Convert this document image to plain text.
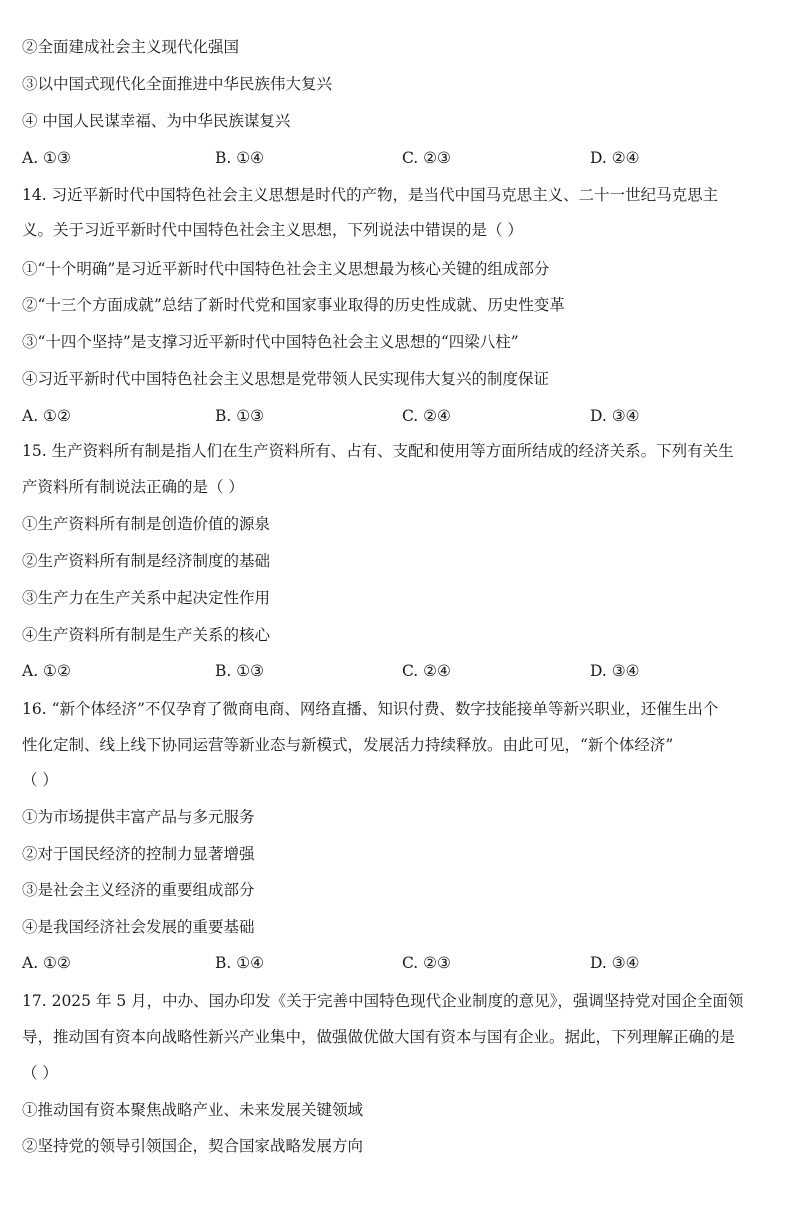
②全面建成社会主义现代化强国
③以中国式现代化全面推进中华民族伟大复兴
④ 中国人民谋幸福、为中华民族谋复兴
A. ①③	B. ①④	C. ②③	D. ②④
14. 习近平新时代中国特色社会主义思想是时代的产物，是当代中国马克思主义、二十一世纪马克思主
义。关于习近平新时代中国特色社会主义思想，下列说法中错误的是（ ）
①“十个明确”是习近平新时代中国特色社会主义思想最为核心关键的组成部分
②“十三个方面成就”总结了新时代党和国家事业取得的历史性成就、历史性变革
③“十四个坚持”是支撑习近平新时代中国特色社会主义思想的“四梁八柱”
④习近平新时代中国特色社会主义思想是党带领人民实现伟大复兴的制度保证
A. ①②	B. ①③	C. ②④	D. ③④
15. 生产资料所有制是指人们在生产资料所有、占有、支配和使用等方面所结成的经济关系。下列有关生
产资料所有制说法正确的是（ ）
①生产资料所有制是创造价值的源泉
②生产资料所有制是经济制度的基础
③生产力在生产关系中起决定性作用
④生产资料所有制是生产关系的核心
A. ①②	B. ①③	C. ②④	D. ③④
16. “新个体经济”不仅孕育了微商电商、网络直播、知识付费、数字技能接单等新兴职业，还催生出个
性化定制、线上线下协同运营等新业态与新模式，发展活力持续释放。由此可见，“新个体经济”
（ ）
①为市场提供丰富产品与多元服务
②对于国民经济的控制力显著增强
③是社会主义经济的重要组成部分
④是我国经济社会发展的重要基础
A. ①②	B. ①④	C. ②③	D. ③④
17. 2025 年 5 月，中办、国办印发《关于完善中国特色现代企业制度的意见》，强调坚持党对国企全面领
导，推动国有资本向战略性新兴产业集中，做强做优做大国有资本与国有企业。据此，下列理解正确的是
（ ）
①推动国有资本聚焦战略产业、未来发展关键领域
②坚持党的领导引领国企，契合国家战略发展方向
